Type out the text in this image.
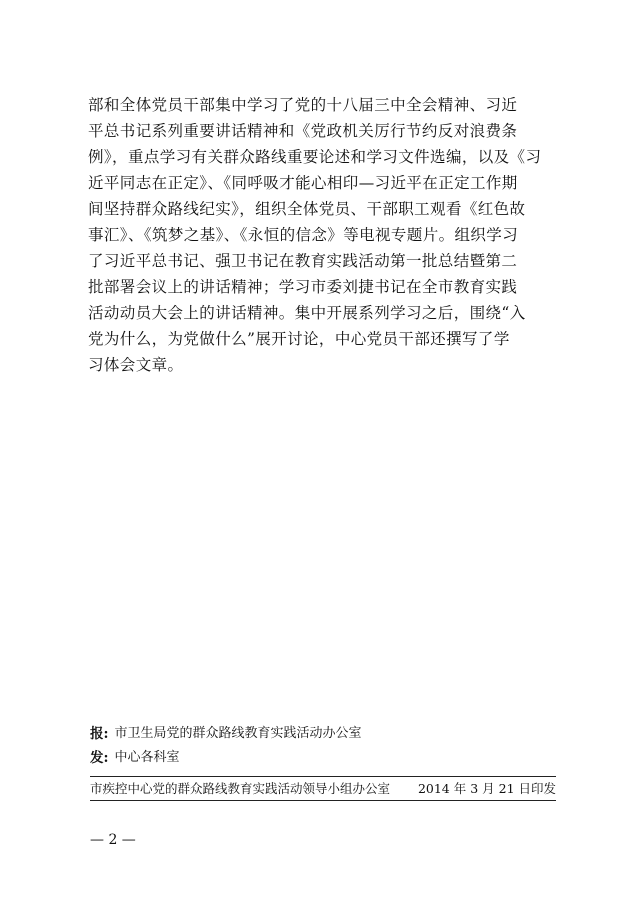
部和全体党员干部集中学习了党的十八届三中全会精神、习近
平总书记系列重要讲话精神和《党政机关厉行节约反对浪费条
例》，重点学习有关群众路线重要论述和学习文件选编，以及《习
近平同志在正定》、《同呼吸才能心相印—习近平在正定工作期
间坚持群众路线纪实》，组织全体党员、干部职工观看《红色故
事汇》、《筑梦之基》、《永恒的信念》等电视专题片。组织学习
了习近平总书记、强卫书记在教育实践活动第一批总结暨第二
批部署会议上的讲话精神；学习市委刘捷书记在全市教育实践
活动动员大会上的讲话精神。集中开展系列学习之后，围绕“入
党为什么，为党做什么”展开讨论，中心党员干部还撰写了学
习体会文章。
报 : 市卫生局党的群众路线教育实践活动办公室
发 : 中心各科室
市疾控中心党的群众路线教育实践活动领导小组办公室 2014 年 3 月 21 日印发
— 2 —
